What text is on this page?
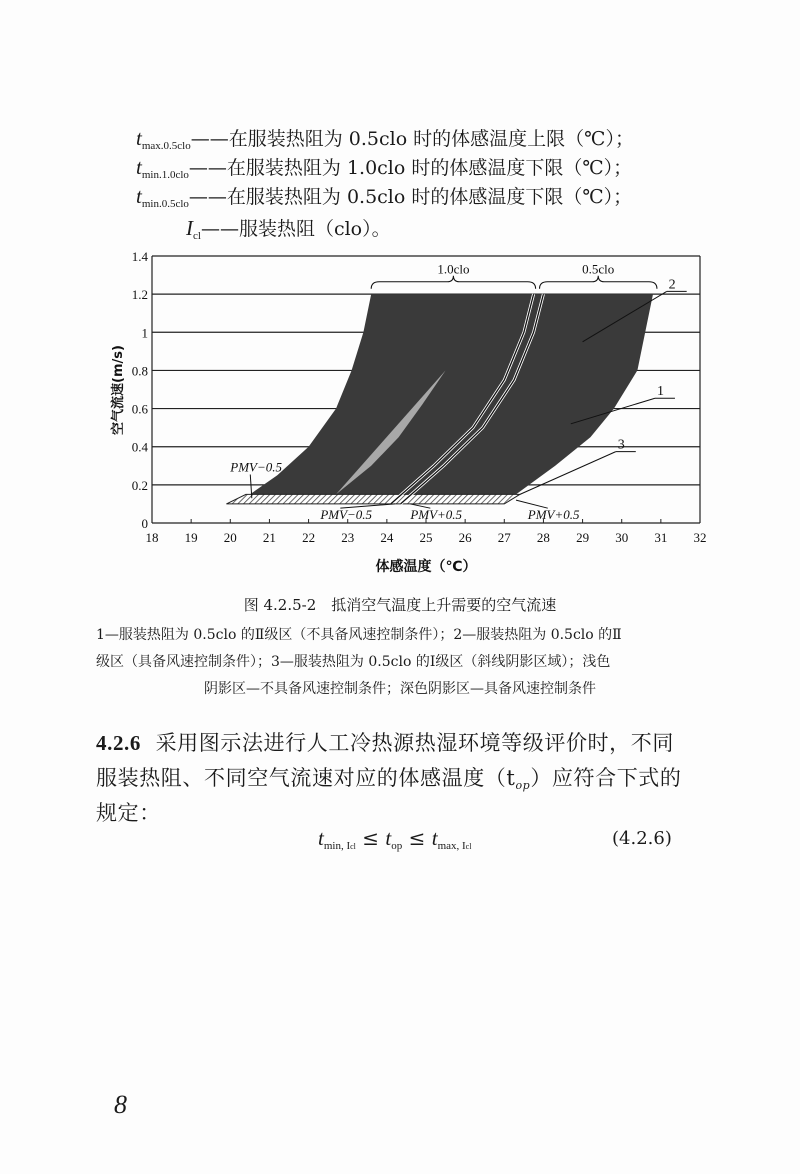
$t_{max.0.5clo}——$在服装热阻为 0.5clo 时的体感温度上限（℃）；
$t_{min.1.0clo}——$在服装热阻为 1.0clo 时的体感温度下限（℃）；
$t_{min.0.5clo}——$在服装热阻为 0.5clo 时的体感温度下限（℃）；
$I_{cl}——$服装热阻（clo）。
0
0.2
0.4
0.6
0.8
1
1.2
1.4
18 19 20 21 22 23 24 25 26 27 28 29 30 31 32
1.0clo	0.5clo
2
1
3
PMV−0.5
PMV−0.5	PMV+0.5	PMV+0.5
体感温度（℃）
空气流速(m/s)
图 4.2.5-2　抵消空气温度上升需要的空气流速
1—服装热阻为 0.5clo 的Ⅱ级区（不具备风速控制条件）；2—服装热阻为 0.5clo 的Ⅱ
级区（具备风速控制条件）；3—服装热阻为 0.5clo 的Ⅰ级区（斜线阴影区域）；浅色
阴影区—不具备风速控制条件；深色阴影区—具备风速控制条件
4.2.6 采用图示法进行人工冷热源热湿环境等级评价时，不同
服装热阻、不同空气流速对应的体感温度$(t_{op})$应符合下式的
规定：
$t_{min, Icl} \le t_{op} \le t_{max, Icl}$	(4.2.6)
8
